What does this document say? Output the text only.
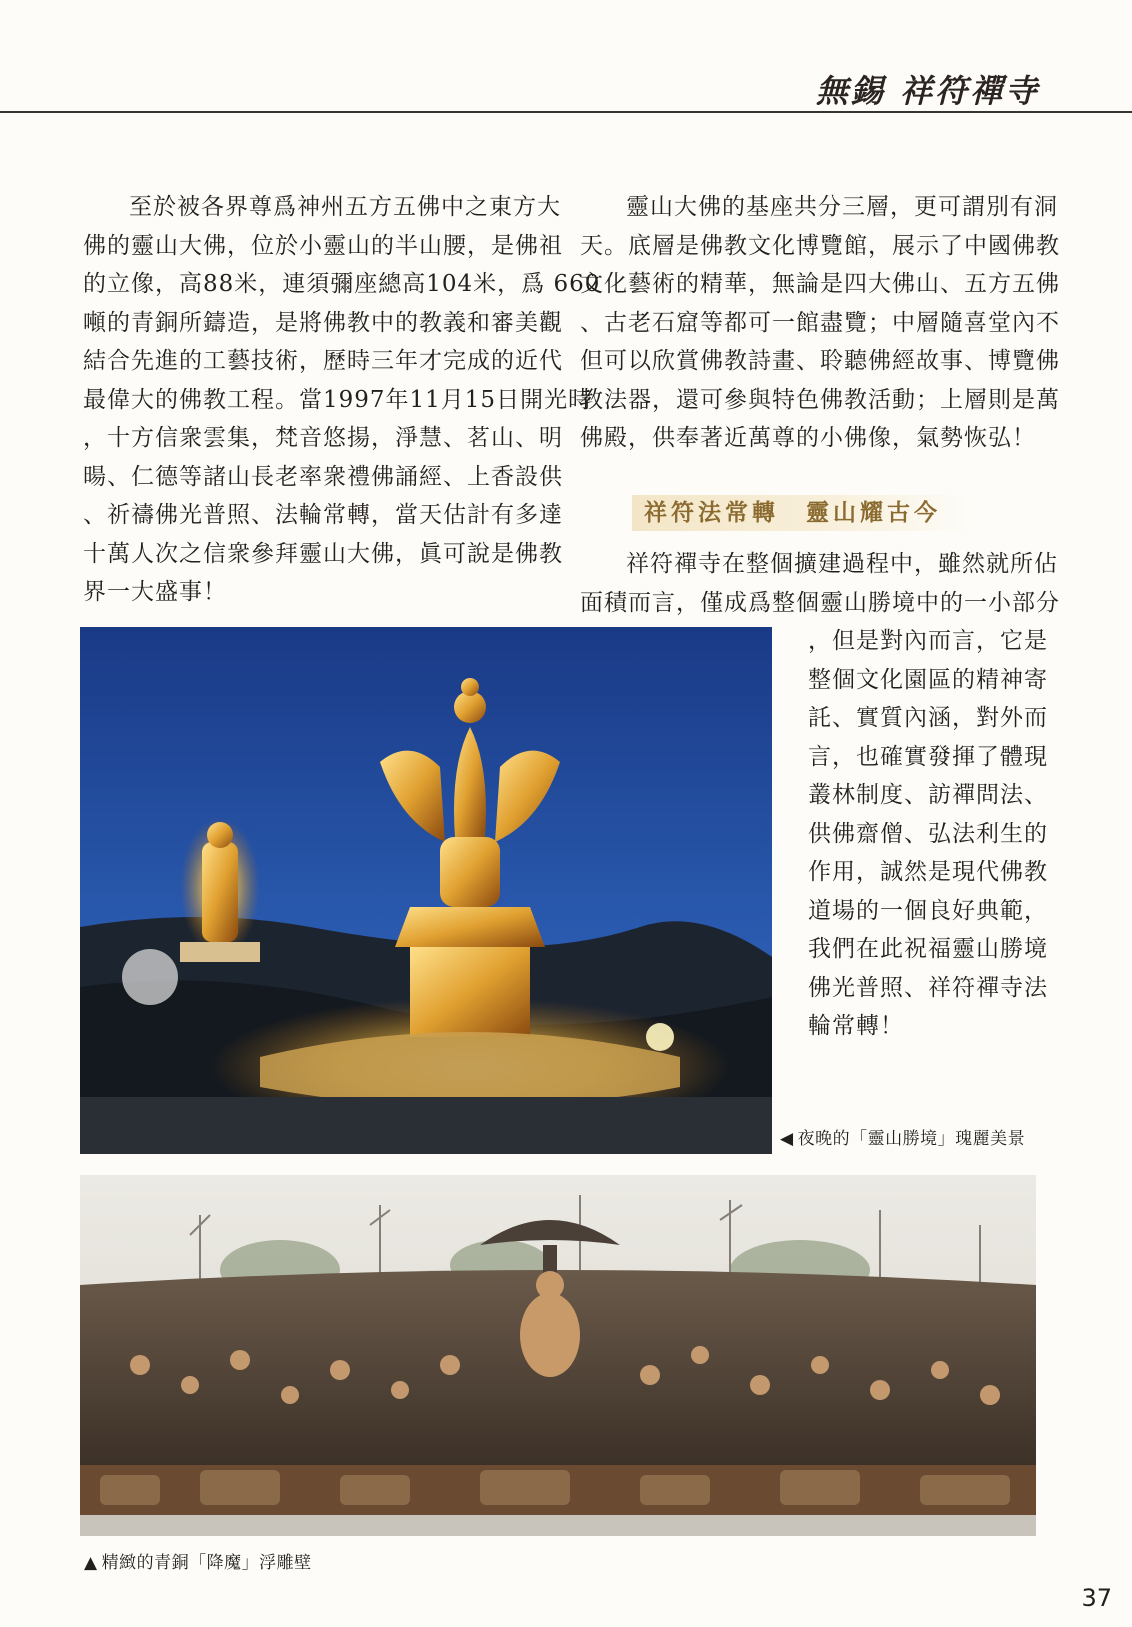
無錫 祥符禪寺

至於被各界尊爲神州五方五佛中之東方大

佛的靈山大佛，位於小靈山的半山腰，是佛祖

的立像，高88米，連須彌座總高104米，爲 660

噸的青銅所鑄造，是將佛教中的教義和審美觀

結合先進的工藝技術，歷時三年才完成的近代

最偉大的佛教工程。當1997年11月15日開光時

，十方信衆雲集，梵音悠揚，淨慧、茗山、明

暘、仁德等諸山長老率衆禮佛誦經、上香設供

、祈禱佛光普照、法輪常轉，當天估計有多達

十萬人次之信衆參拜靈山大佛，眞可說是佛教

界一大盛事！

靈山大佛的基座共分三層，更可謂別有洞

天。底層是佛教文化博覽館，展示了中國佛教

文化藝術的精華，無論是四大佛山、五方五佛

、古老石窟等都可一館盡覽；中層隨喜堂內不

但可以欣賞佛教詩畫、聆聽佛經故事、博覽佛

教法器，還可參與特色佛教活動；上層則是萬

佛殿，供奉著近萬尊的小佛像，氣勢恢弘！

祥符法常轉　靈山耀古今

祥符禪寺在整個擴建過程中，雖然就所佔

面積而言，僅成爲整個靈山勝境中的一小部分

，但是對內而言，它是

整個文化園區的精神寄

託、實質內涵，對外而

言，也確實發揮了體現

叢林制度、訪禪問法、

供佛齋僧、弘法利生的

作用，誠然是現代佛教

道場的一個良好典範，

我們在此祝福靈山勝境

佛光普照、祥符禪寺法

輪常轉！

◀ 夜晚的「靈山勝境」瑰麗美景
▲ 精緻的青銅「降魔」浮雕壁
37
